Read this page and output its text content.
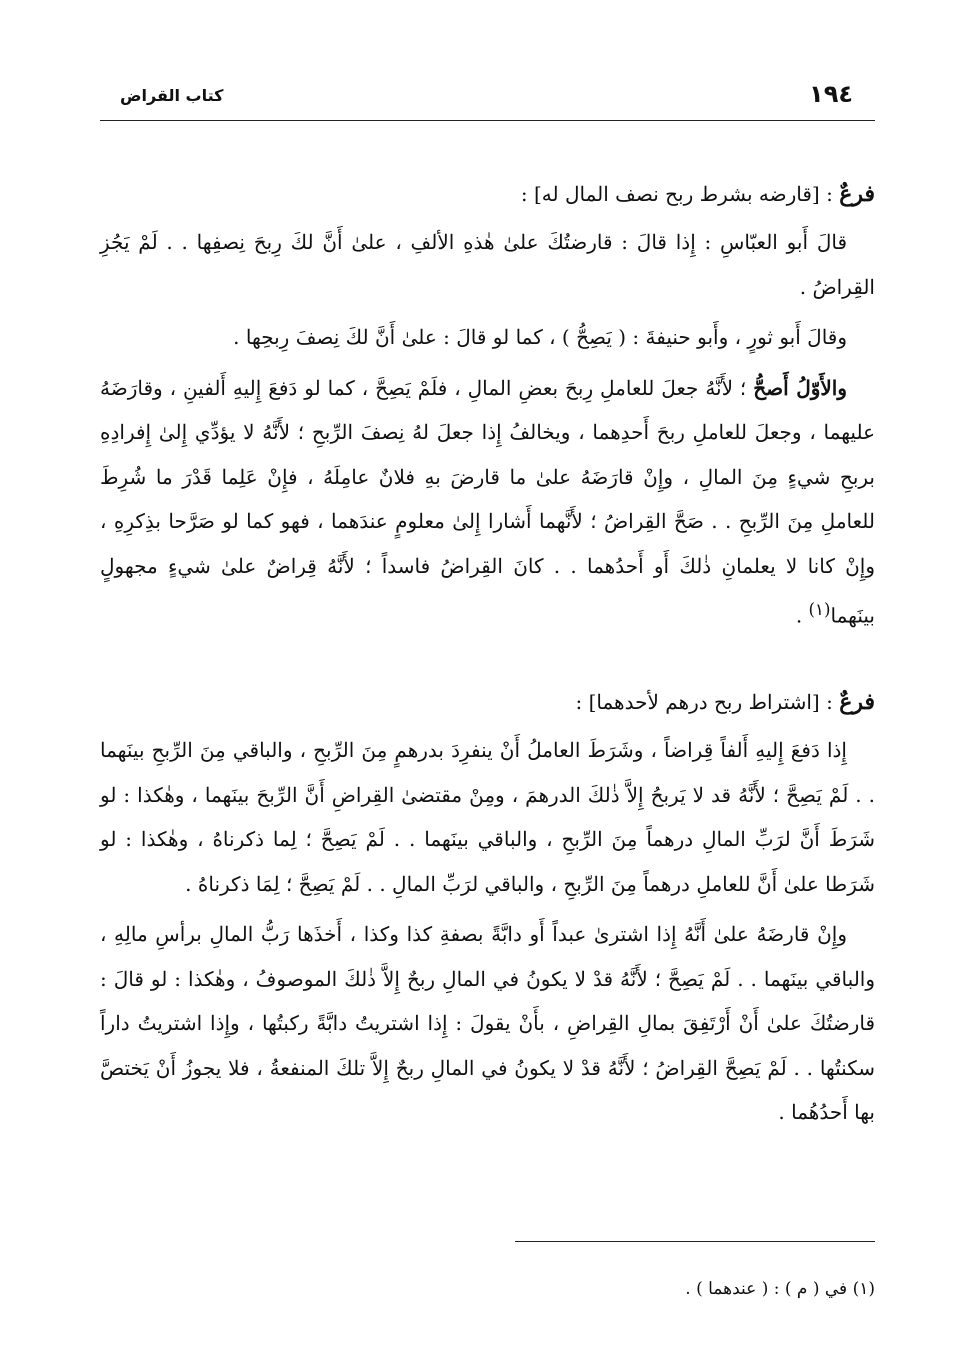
كتاب القراض	١٩٤

فرعٌ : [قارضه بشرط ربح نصف المال له] :

قالَ أَبو العبّاسِ : إِذا قالَ : قارضتُكَ علىٰ هٰذهِ الألفِ ، علىٰ أَنَّ لكَ رِبحَ نِصفِها . . لَمْ يَجُزِ القِراضُ .

وقالَ أَبو ثورٍ ، وأَبو حنيفةَ : ( يَصِحُّ ) ، كما لو قالَ : علىٰ أَنَّ لكَ نِصفَ رِبحِها .

والأَوّلُ أَصحُّ ؛ لأَنَّهُ جعلَ للعاملِ رِبحَ بعضِ المالِ ، فلَمْ يَصِحَّ ، كما لو دَفعَ إِليهِ أَلفينِ ، وقارَضَهُ عليهما ، وجعلَ للعاملِ ربحَ أَحدِهما ، ويخالفُ إِذا جعلَ لهُ نِصفَ الرِّبحِ ؛ لأَنَّهُ لا يؤدِّي إِلىٰ إِفرادِهِ بربحِ شيءٍ مِنَ المالِ ، وإِنْ قارَضَهُ علىٰ ما قارضَ بهِ فلانٌ عامِلَهُ ، فإِنْ عَلِما قَدْرَ ما شُرِطَ للعاملِ مِنَ الرِّبحِ . . صَحَّ القِراضُ ؛ لأَنَّهما أَشارا إِلىٰ معلومٍ عندَهما ، فهو كما لو صَرَّحا بذِكرِهِ ، وإِنْ كانا لا يعلمانِ ذٰلكَ أَو أَحدُهما . . كانَ القِراضُ فاسداً ؛ لأَنَّهُ قِراضٌ علىٰ شيءٍ مجهولٍ بينَهما$^{(١)}$ .

فرعٌ : [اشتراط ربح درهم لأحدهما] :

إِذا دَفعَ إِليهِ أَلفاً قِراضاً ، وشَرَطَ العاملُ أَنْ ينفرِدَ بدرهمٍ مِنَ الرِّبحِ ، والباقي مِنَ الرِّبحِ بينَهما . . لَمْ يَصِحَّ ؛ لأَنَّهُ قد لا يَربحُ إِلاَّ ذٰلكَ الدرهمَ ، ومِنْ مقتضىٰ القِراضِ أَنَّ الرِّبحَ بينَهما ، وهٰكذا : لو شَرَطَ أَنَّ لرَبِّ المالِ درهماً مِنَ الرِّبحِ ، والباقي بينَهما . . لَمْ يَصِحَّ ؛ لِما ذكرناهُ ، وهٰكذا : لو شَرَطا علىٰ أَنَّ للعاملِ درهماً مِنَ الرِّبحِ ، والباقي لرَبِّ المالِ . . لَمْ يَصِحَّ ؛ لِمَا ذكرناهُ .

وإِنْ قارضَهُ علىٰ أَنَّهُ إِذا اشترىٰ عبداً أَو دابَّةً بصفةِ كذا وكذا ، أَخذَها رَبُّ المالِ برأسِ مالِهِ ، والباقي بينَهما . . لَمْ يَصِحَّ ؛ لأَنَّهُ قدْ لا يكونُ في المالِ ربحٌ إِلاَّ ذٰلكَ الموصوفُ ، وهٰكذا : لو قالَ : قارضتُكَ علىٰ أَنْ أَرْتَفِقَ بمالِ القِراضِ ، بأَنْ يقولَ : إِذا اشتريتُ دابَّةً ركبتُها ، وإِذا اشتريتُ داراً سكنتُها . . لَمْ يَصِحَّ القِراضُ ؛ لأَنَّهُ قدْ لا يكونُ في المالِ ربحٌ إِلاَّ تلكَ المنفعةُ ، فلا يجوزُ أَنْ يَختصَّ بها أَحدُهُما .

(١) في ( م ) : ( عندهما ) .
